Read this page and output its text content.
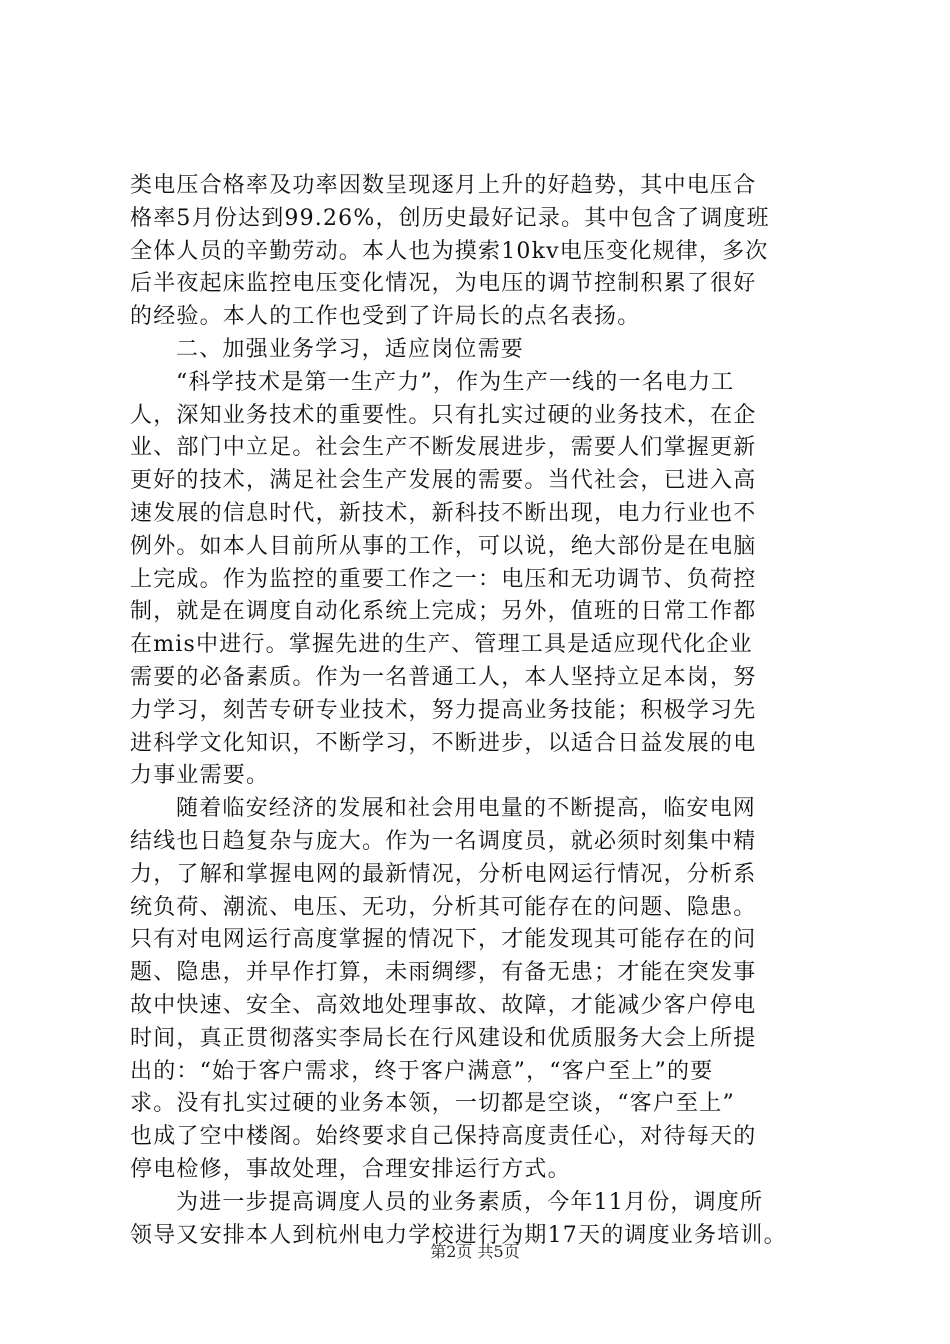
类电压合格率及功率因数呈现逐月上升的好趋势，其中电压合
格率5月份达到99.26%，创历史最好记录。其中包含了调度班
全体人员的辛勤劳动。本人也为摸索10kv电压变化规律，多次
后半夜起床监控电压变化情况，为电压的调节控制积累了很好
的经验。本人的工作也受到了许局长的点名表扬。
二、加强业务学习，适应岗位需要
“科学技术是第一生产力”，作为生产一线的一名电力工
人，深知业务技术的重要性。只有扎实过硬的业务技术，在企
业、部门中立足。社会生产不断发展进步，需要人们掌握更新
更好的技术，满足社会生产发展的需要。当代社会，已进入高
速发展的信息时代，新技术，新科技不断出现，电力行业也不
例外。如本人目前所从事的工作，可以说，绝大部份是在电脑
上完成。作为监控的重要工作之一：电压和无功调节、负荷控
制，就是在调度自动化系统上完成；另外，值班的日常工作都
在mis中进行。掌握先进的生产、管理工具是适应现代化企业
需要的必备素质。作为一名普通工人，本人坚持立足本岗，努
力学习，刻苦专研专业技术，努力提高业务技能；积极学习先
进科学文化知识，不断学习，不断进步，以适合日益发展的电
力事业需要。
随着临安经济的发展和社会用电量的不断提高，临安电网
结线也日趋复杂与庞大。作为一名调度员，就必须时刻集中精
力，了解和掌握电网的最新情况，分析电网运行情况，分析系
统负荷、潮流、电压、无功，分析其可能存在的问题、隐患。
只有对电网运行高度掌握的情况下，才能发现其可能存在的问
题、隐患，并早作打算，未雨绸缪，有备无患；才能在突发事
故中快速、安全、高效地处理事故、故障，才能减少客户停电
时间，真正贯彻落实李局长在行风建设和优质服务大会上所提
出的：“始于客户需求，终于客户满意”，“客户至上”的要
求。没有扎实过硬的业务本领，一切都是空谈，“客户至上”
也成了空中楼阁。始终要求自己保持高度责任心，对待每天的
停电检修，事故处理，合理安排运行方式。
为进一步提高调度人员的业务素质，今年11月份，调度所
领导又安排本人到杭州电力学校进行为期17天的调度业务培训。
第2页 共5页
